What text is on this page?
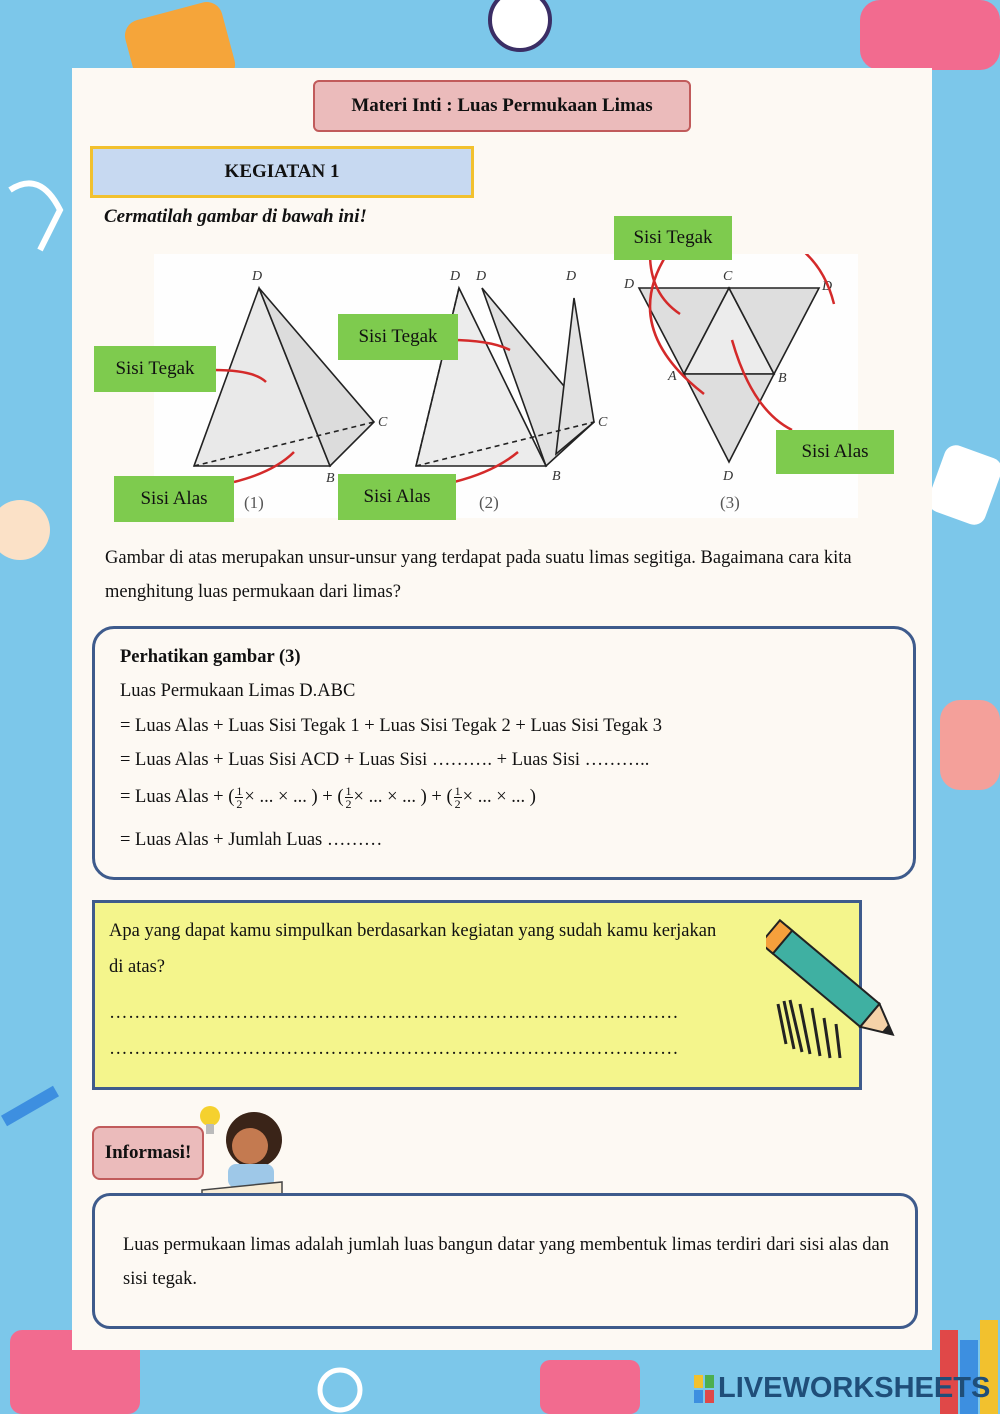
Materi Inti : Luas Permukaan Limas
KEGIATAN 1
Cermatilah gambar di bawah ini!
D
C
B
D D	D
C
B
C
D	D
A	B
D
(1)	(2)	(3)
Sisi Tegak
Sisi Alas
Sisi Tegak
Sisi Alas
Sisi Tegak
Sisi Alas
Gambar di atas merupakan unsur-unsur yang terdapat pada suatu limas segitiga. Bagaimana cara kita menghitung luas permukaan dari limas?
Perhatikan gambar (3)
Luas Permukaan Limas D.ABC
= Luas Alas + Luas Sisi Tegak 1 + Luas Sisi Tegak 2 + Luas Sisi Tegak 3
= Luas Alas + Luas Sisi ACD + Luas Sisi ………. + Luas Sisi ………..
= Luas Alas + ( $\frac{1}{2}$ × ... × ... ) + ( $\frac{1}{2}$ × ... × ... ) + ( $\frac{1}{2}$ × ... × ... )
= Luas Alas + Jumlah Luas ………
Apa yang dapat kamu simpulkan berdasarkan kegiatan yang sudah kamu kerjakan di atas?
………………………………………………………………………………
………………………………………………………………………………
Informasi!
Luas permukaan limas adalah jumlah luas bangun datar yang membentuk limas terdiri dari sisi alas dan sisi tegak.
LIVEWORKSHEETS
